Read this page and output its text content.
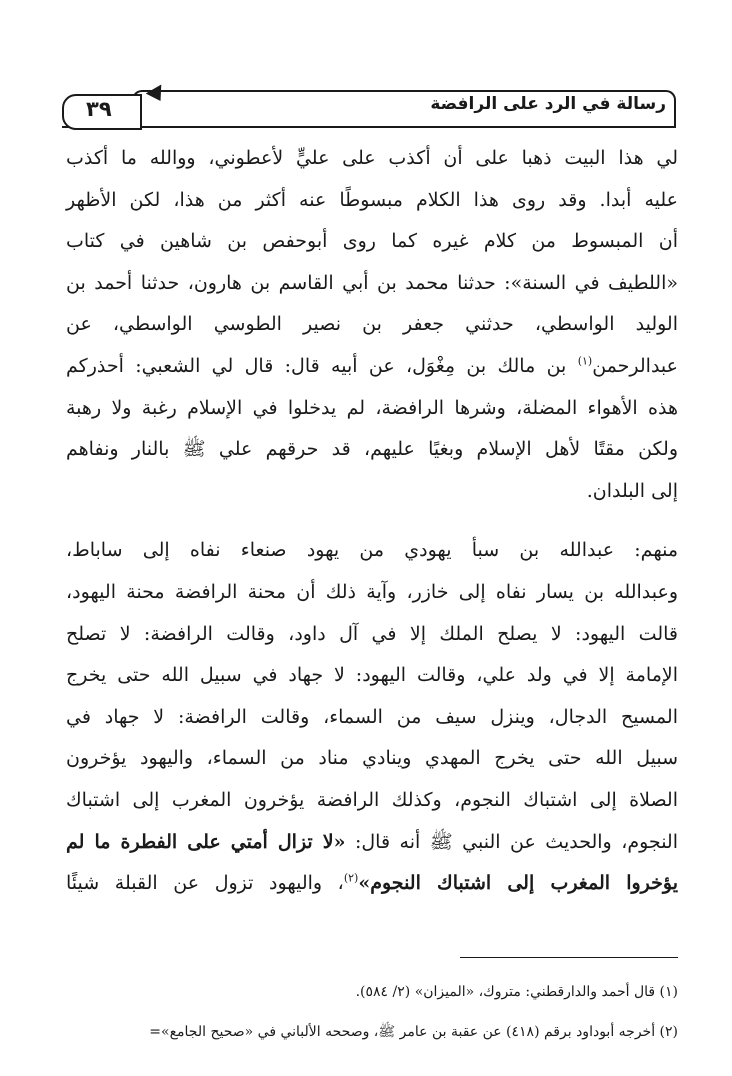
رسالة في الرد على الرافضة
٣٩

لي هذا البيت ذهبا على أن أكذب على عليٍّ لأعطوني، ووالله ما أكذب

عليه أبدا. وقد روى هذا الكلام مبسوطًا عنه أكثر من هذا، لكن الأظهر

أن المبسوط من كلام غيره كما روى أبوحفص بن شاهين في كتاب

«اللطيف في السنة»: حدثنا محمد بن أبي القاسم بن هارون، حدثنا أحمد بن

الوليد الواسطي، حدثني جعفر بن نصير الطوسي الواسطي، عن

عبدالرحمن$^{(١)}$ بن مالك بن مِغْوَل، عن أبيه قال: قال لي الشعبي: أحذركم

هذه الأهواء المضلة، وشرها الرافضة، لم يدخلوا في الإسلام رغبة ولا رهبة

ولكن مقتًا لأهل الإسلام وبغيًا عليهم، قد حرقهم علي ﷺ بالنار ونفاهم

إلى البلدان.

منهم: عبدالله بن سبأ يهودي من يهود صنعاء نفاه إلى ساباط،

وعبدالله بن يسار نفاه إلى خازر، وآية ذلك أن محنة الرافضة محنة اليهود،

قالت اليهود: لا يصلح الملك إلا في آل داود، وقالت الرافضة: لا تصلح

الإمامة إلا في ولد علي، وقالت اليهود: لا جهاد في سبيل الله حتى يخرج

المسيح الدجال، وينزل سيف من السماء، وقالت الرافضة: لا جهاد في

سبيل الله حتى يخرج المهدي وينادي مناد من السماء، واليهود يؤخرون

الصلاة إلى اشتباك النجوم، وكذلك الرافضة يؤخرون المغرب إلى اشتباك

النجوم، والحديث عن النبي ﷺ أنه قال: «لا تزال أمتي على الفطرة ما لم

يؤخروا المغرب إلى اشتباك النجوم»$^{(٢)}$، واليهود تزول عن القبلة شيئًا

(١) قال أحمد والدارقطني: متروك، «الميزان» (٢/ ٥٨٤).
(٢) أخرجه أبوداود برقم (٤١٨) عن عقبة بن عامر ﷺ، وصححه الألباني في «صحيح الجامع»=
